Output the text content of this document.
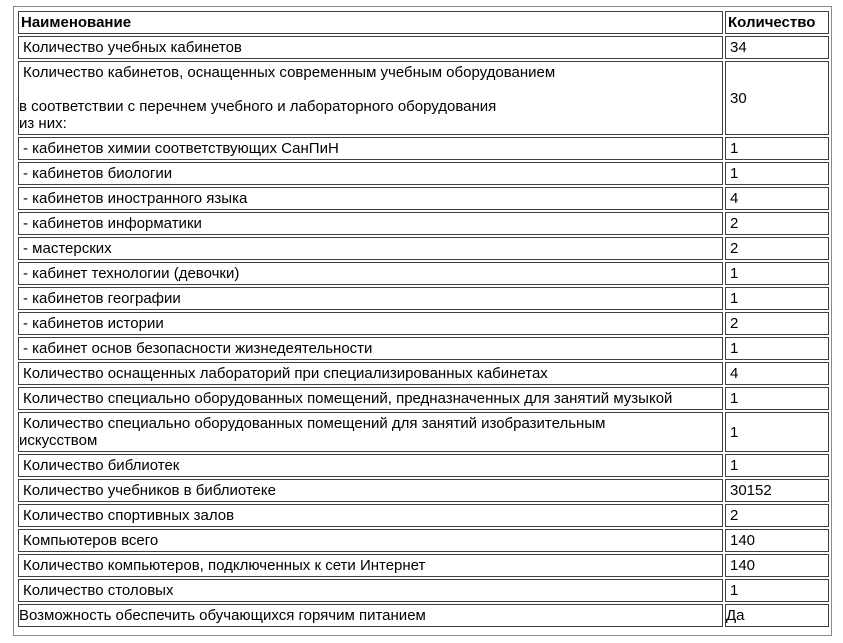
Наименование	Количество
Количество учебных кабинетов	34

Количество кабинетов, оснащенных современным учебным оборудованием
в соответствии с перечнем учебного и лабораторного оборудования
из них:	30
- кабинетов химии соответствующих СанПиН	1
- кабинетов биологии	1
- кабинетов иностранного языка	4
- кабинетов информатики	2
- мастерских	2
- кабинет технологии (девочки)	1
- кабинетов географии	1
- кабинетов истории	2
- кабинет основ безопасности жизнедеятельности	1
Количество оснащенных лабораторий при специализированных кабинетах	4
Количество специально оборудованных помещений, предназначенных для занятий музыкой	1

Количество специально оборудованных помещений для занятий изобразительным
искусством	1
Количество библиотек	1
Количество учебников в библиотеке	30152
Количество спортивных залов	2
Компьютеров всего	140
Количество компьютеров, подключенных к сети Интернет	140
Количество столовых	1
Возможность обеспечить обучающихся горячим питанием	Да
